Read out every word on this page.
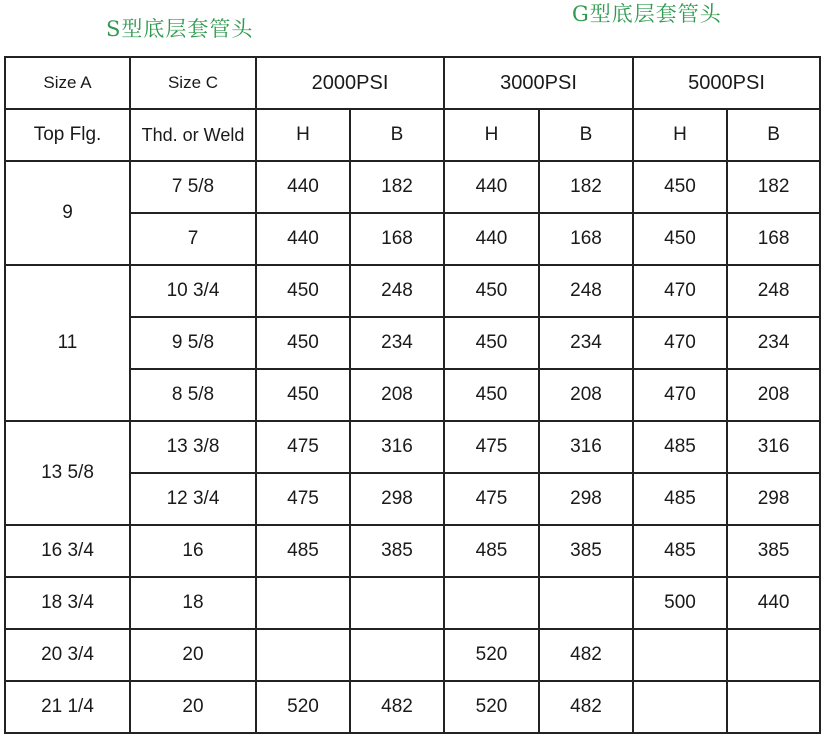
S型底层套管头
G型底层套管头
Size A	Size C	2000PSI		3000PSI		5000PSI	
Top Flg.	Thd. or Weld	H	B	H	B	H	B
9	7 5/8	440	182	440	182	450	182
	7	440	168	440	168	450	168
11	10 3/4	450	248	450	248	470	248
	9 5/8	450	234	450	234	470	234
	8 5/8	450	208	450	208	470	208
13 5/8	13 3/8	475	316	475	316	485	316
	12 3/4	475	298	475	298	485	298
16 3/4	16	485	385	485	385	485	385
18 3/4	18					500	440
20 3/4	20			520	482		
21 1/4	20	520	482	520	482		
